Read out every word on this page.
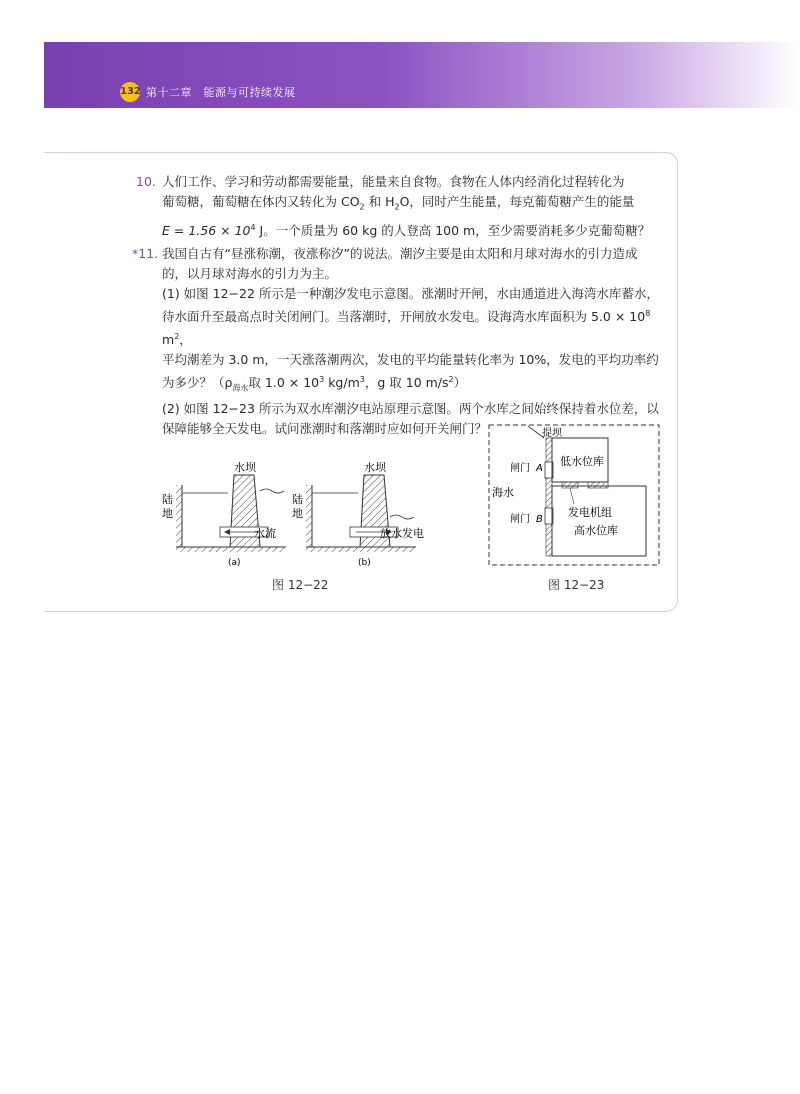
132 第十二章　能源与可持续发展
10. 人们工作、学习和劳动都需要能量，能量来自食物。食物在人体内经消化过程转化为

葡萄糖，葡萄糖在体内又转化为 $CO_2$ 和 $H_2O$，同时产生能量，每克葡萄糖产生的能量

$E = 1.56 \times 10^4$ J。一个质量为 60 kg 的人登高 100 m，至少需要消耗多少克葡萄糖？

*11. 我国自古有“昼涨称潮，夜涨称汐”的说法。潮汐主要是由太阳和月球对海水的引力造成

的，以月球对海水的引力为主。

(1) 如图 12−22 所示是一种潮汐发电示意图。涨潮时开闸，水由通道进入海湾水库蓄水，

待水面升至最高点时关闭闸门。当落潮时，开闸放水发电。设海湾水库面积为 $5.0 \times 10^8$ $m^2$，

平均潮差为 3.0 m，一天涨落潮两次，发电的平均能量转化率为 10%，发电的平均功率约

为多少？（$\rho_{海水}$取 $1.0 \times 10^3$ $kg/m^3$，g 取 10 $m/s^2$）

(2) 如图 12−23 所示为双水库潮汐电站原理示意图。两个水库之间始终保持着水位差，以

保障能够全天发电。试问涨潮时和落潮时应如何开关闸门？

水坝
陆
地
水流
(a)
水坝
陆
地
放水发电
(b)
图 12−22
提坝
闸门 A
低水位库
海水
闸门 B
发电机组
高水位库
图 12−23
